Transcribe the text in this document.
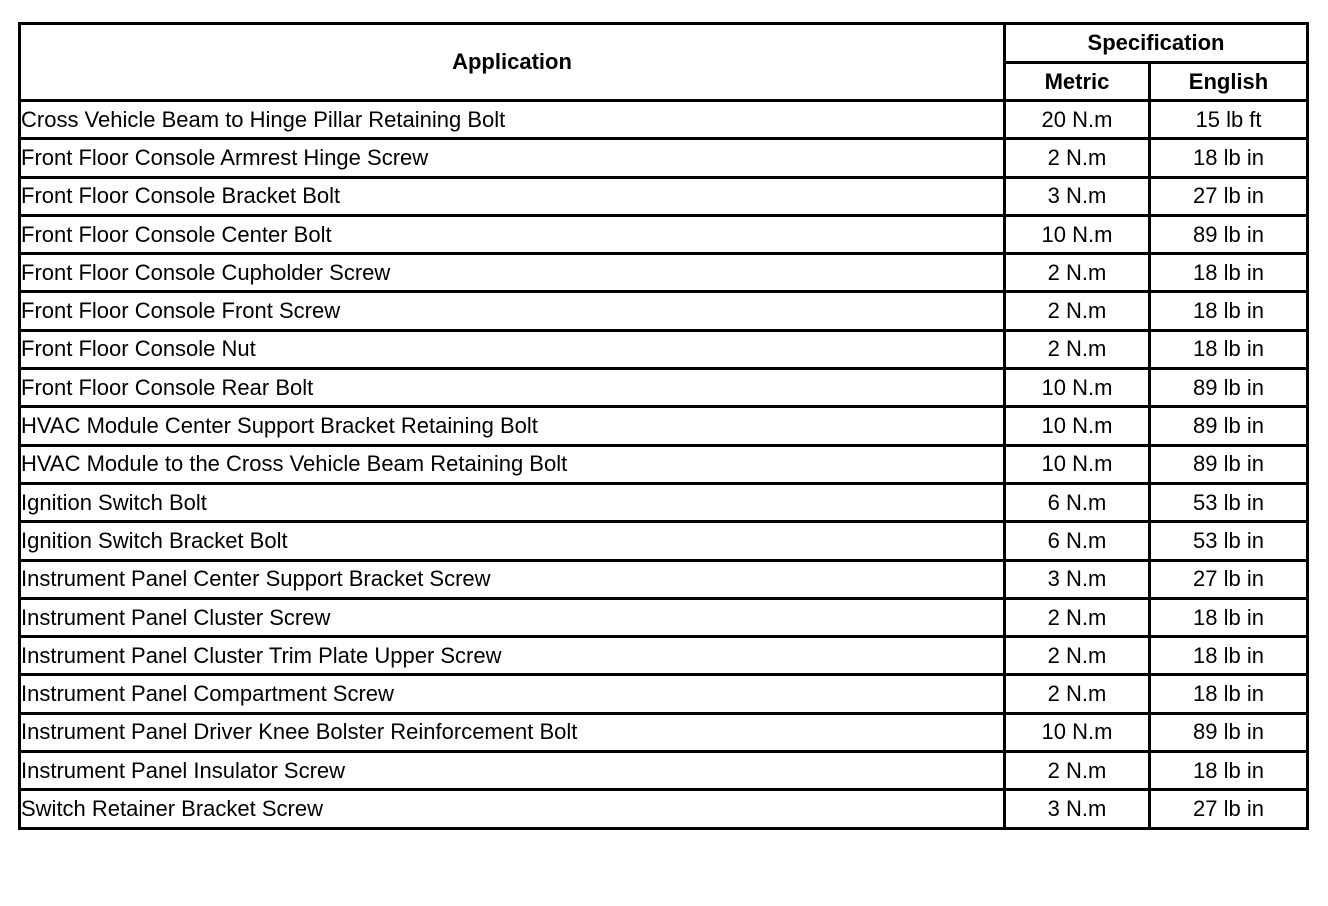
Application	Specification	
	Metric	English
Cross Vehicle Beam to Hinge Pillar Retaining Bolt	20 N.m	15 lb ft
Front Floor Console Armrest Hinge Screw	2 N.m	18 lb in
Front Floor Console Bracket Bolt	3 N.m	27 lb in
Front Floor Console Center Bolt	10 N.m	89 lb in
Front Floor Console Cupholder Screw	2 N.m	18 lb in
Front Floor Console Front Screw	2 N.m	18 lb in
Front Floor Console Nut	2 N.m	18 lb in
Front Floor Console Rear Bolt	10 N.m	89 lb in
HVAC Module Center Support Bracket Retaining Bolt	10 N.m	89 lb in
HVAC Module to the Cross Vehicle Beam Retaining Bolt	10 N.m	89 lb in
Ignition Switch Bolt	6 N.m	53 lb in
Ignition Switch Bracket Bolt	6 N.m	53 lb in
Instrument Panel Center Support Bracket Screw	3 N.m	27 lb in
Instrument Panel Cluster Screw	2 N.m	18 lb in
Instrument Panel Cluster Trim Plate Upper Screw	2 N.m	18 lb in
Instrument Panel Compartment Screw	2 N.m	18 lb in
Instrument Panel Driver Knee Bolster Reinforcement Bolt	10 N.m	89 lb in
Instrument Panel Insulator Screw	2 N.m	18 lb in
Switch Retainer Bracket Screw	3 N.m	27 lb in
